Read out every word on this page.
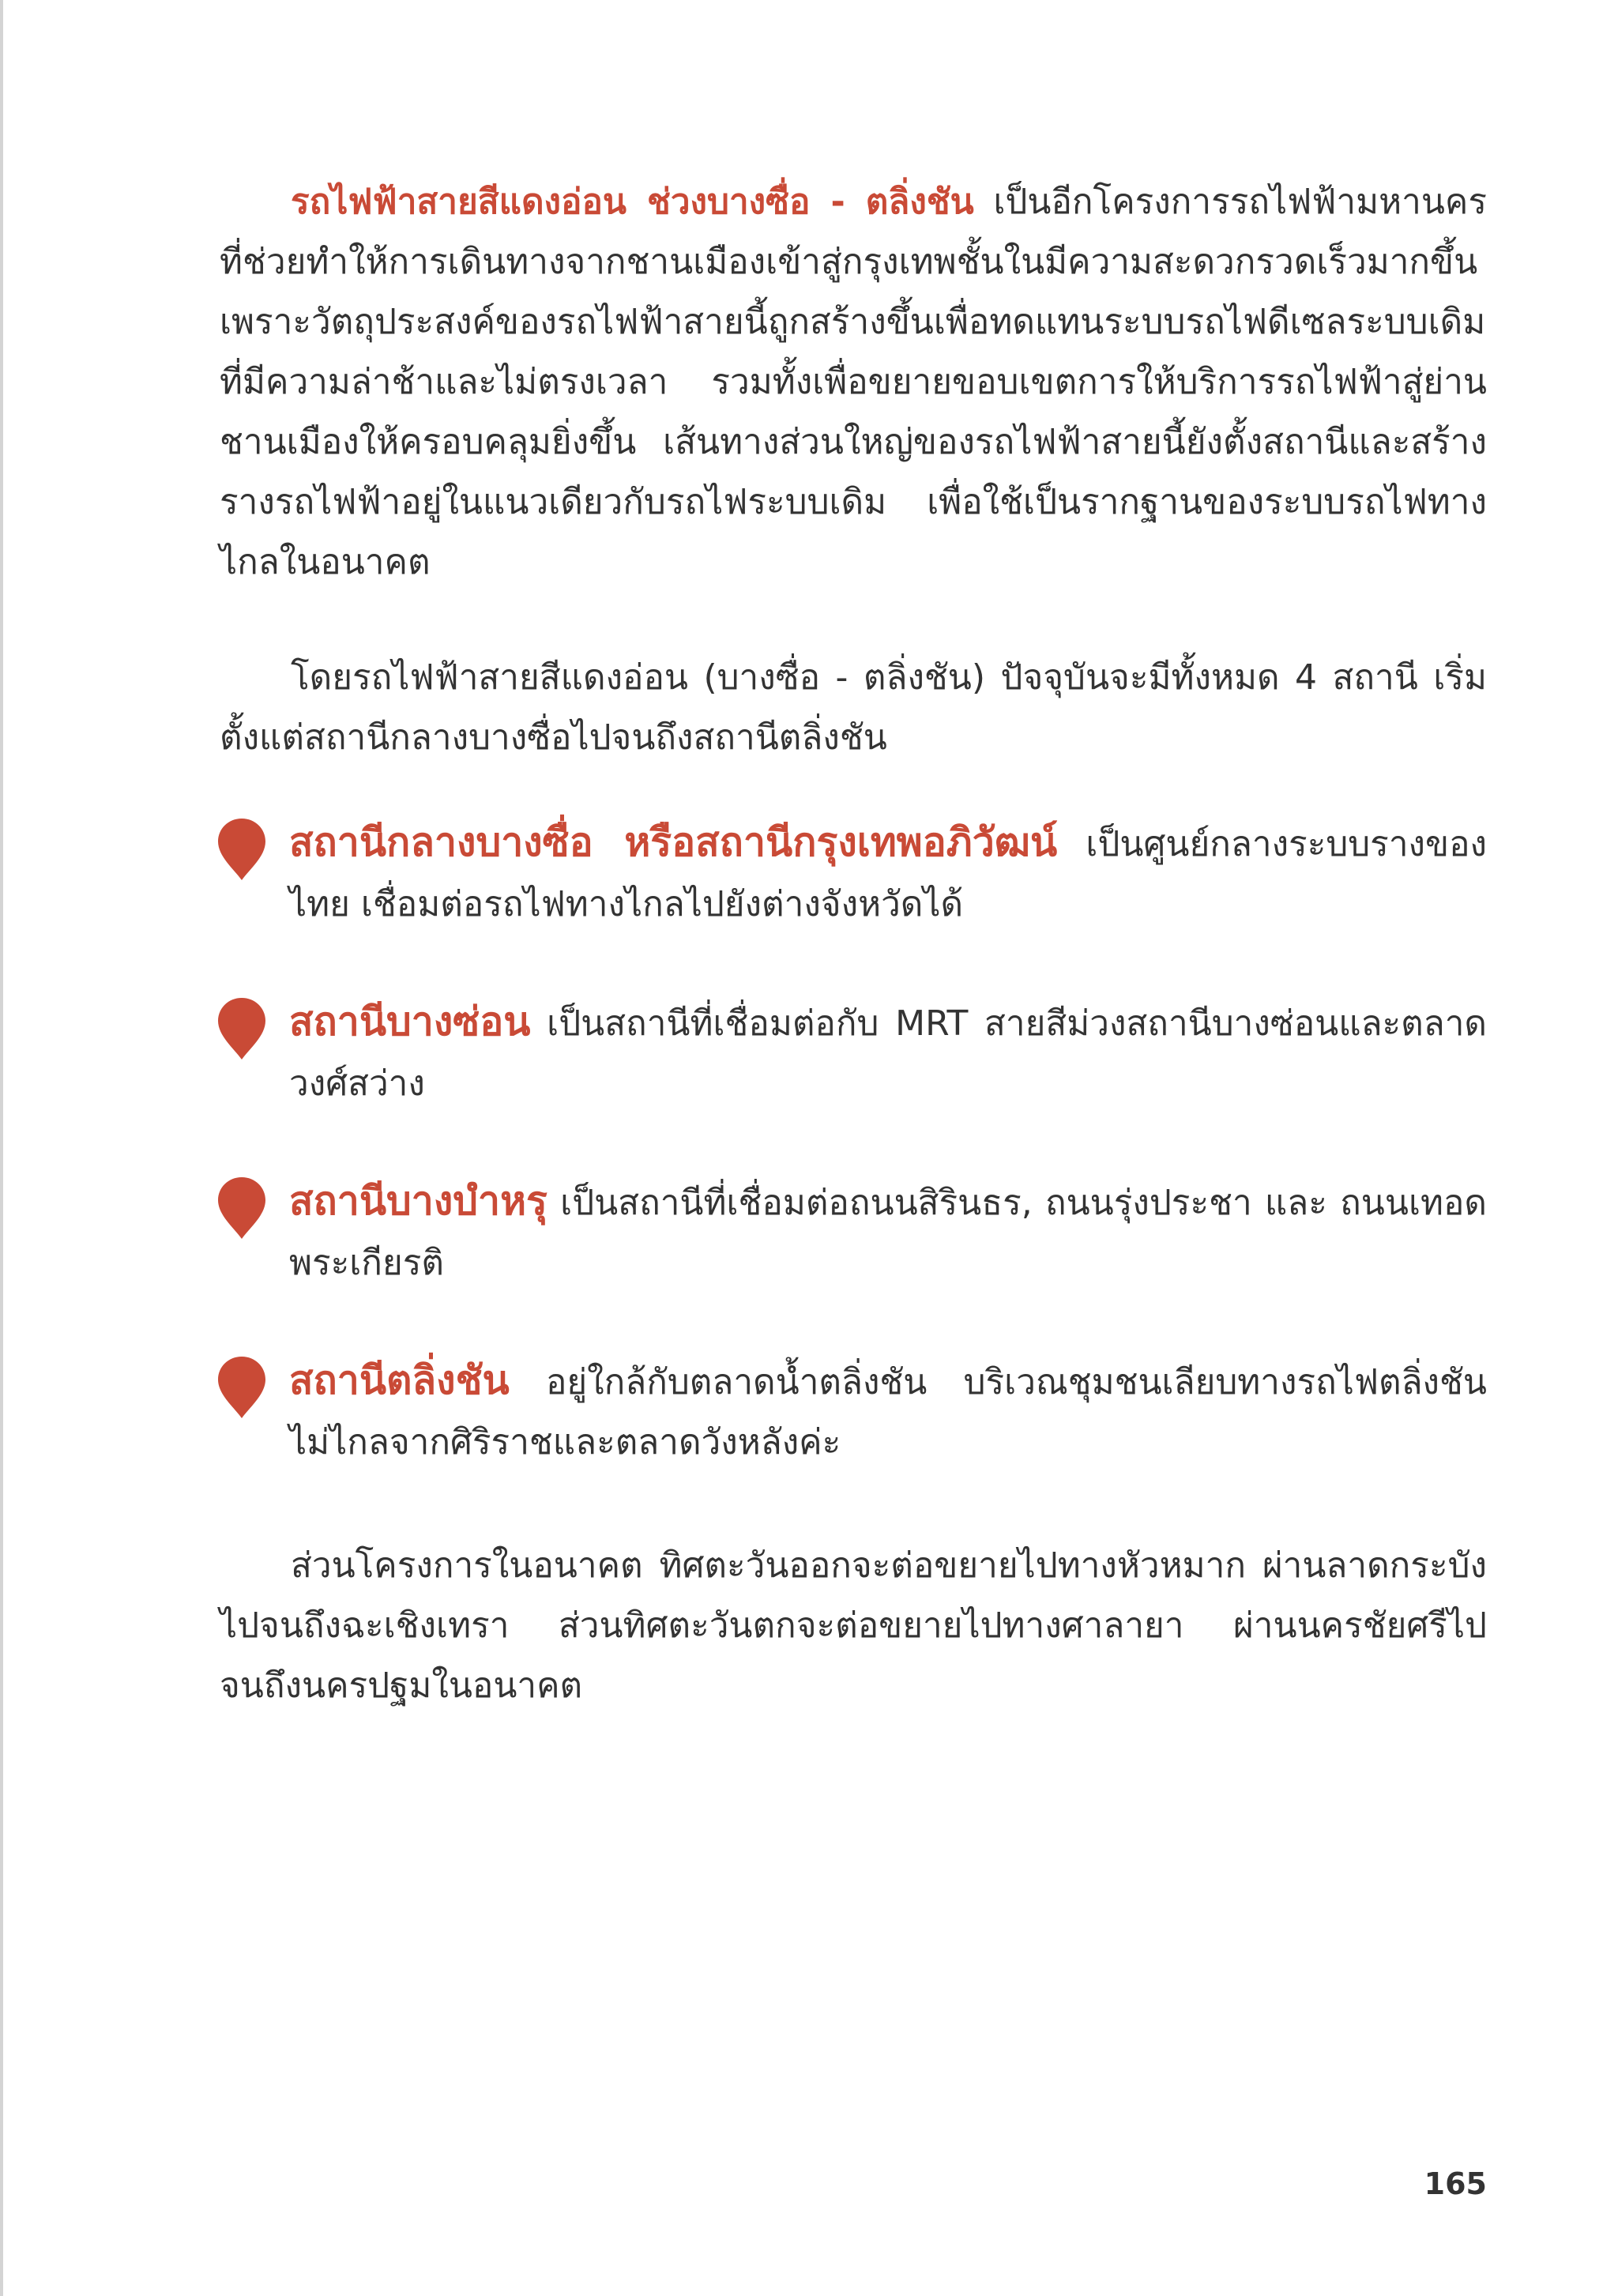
รถไฟฟ้าสายสีแดงอ่อน ช่วงบางซื่อ - ตลิ่งชัน เป็นอีกโครงการรถไฟฟ้ามหานคร ที่ช่วยทำให้การเดินทางจากชานเมืองเข้าสู่กรุงเทพชั้นในมีความสะดวกรวดเร็วมากขึ้น เพราะวัตถุประสงค์ของรถไฟฟ้าสายนี้ถูกสร้างขึ้นเพื่อทดแทนระบบรถไฟดีเซลระบบเดิมที่มีความล่าช้าและไม่ตรงเวลา รวมทั้งเพื่อขยายขอบเขตการให้บริการรถไฟฟ้าสู่ย่านชานเมืองให้ครอบคลุมยิ่งขึ้น เส้นทางส่วนใหญ่ของรถไฟฟ้าสายนี้ยังตั้งสถานีและสร้างรางรถไฟฟ้าอยู่ในแนวเดียวกับรถไฟระบบเดิม เพื่อใช้เป็นรากฐานของระบบรถไฟทางไกลในอนาคต

โดยรถไฟฟ้าสายสีแดงอ่อน (บางซื่อ - ตลิ่งชัน) ปัจจุบันจะมีทั้งหมด 4 สถานี เริ่มตั้งแต่สถานีกลางบางซื่อไปจนถึงสถานีตลิ่งชัน

สถานีกลางบางซื่อ หรือสถานีกรุงเทพอภิวัฒน์ เป็นศูนย์กลางระบบรางของไทย เชื่อมต่อรถไฟทางไกลไปยังต่างจังหวัดได้

สถานีบางซ่อน เป็นสถานีที่เชื่อมต่อกับ MRT สายสีม่วงสถานีบางซ่อนและตลาดวงศ์สว่าง

สถานีบางบำหรุ เป็นสถานีที่เชื่อมต่อถนนสิรินธร, ถนนรุ่งประชา และ ถนนเทอดพระเกียรติ

สถานีตลิ่งชัน อยู่ใกล้กับตลาดน้ำตลิ่งชัน บริเวณชุมชนเลียบทางรถไฟตลิ่งชัน ไม่ไกลจากศิริราชและตลาดวังหลังค่ะ

ส่วนโครงการในอนาคต ทิศตะวันออกจะต่อขยายไปทางหัวหมาก ผ่านลาดกระบังไปจนถึงฉะเชิงเทรา ส่วนทิศตะวันตกจะต่อขยายไปทางศาลายา ผ่านนครชัยศรีไปจนถึงนครปฐมในอนาคต

165
